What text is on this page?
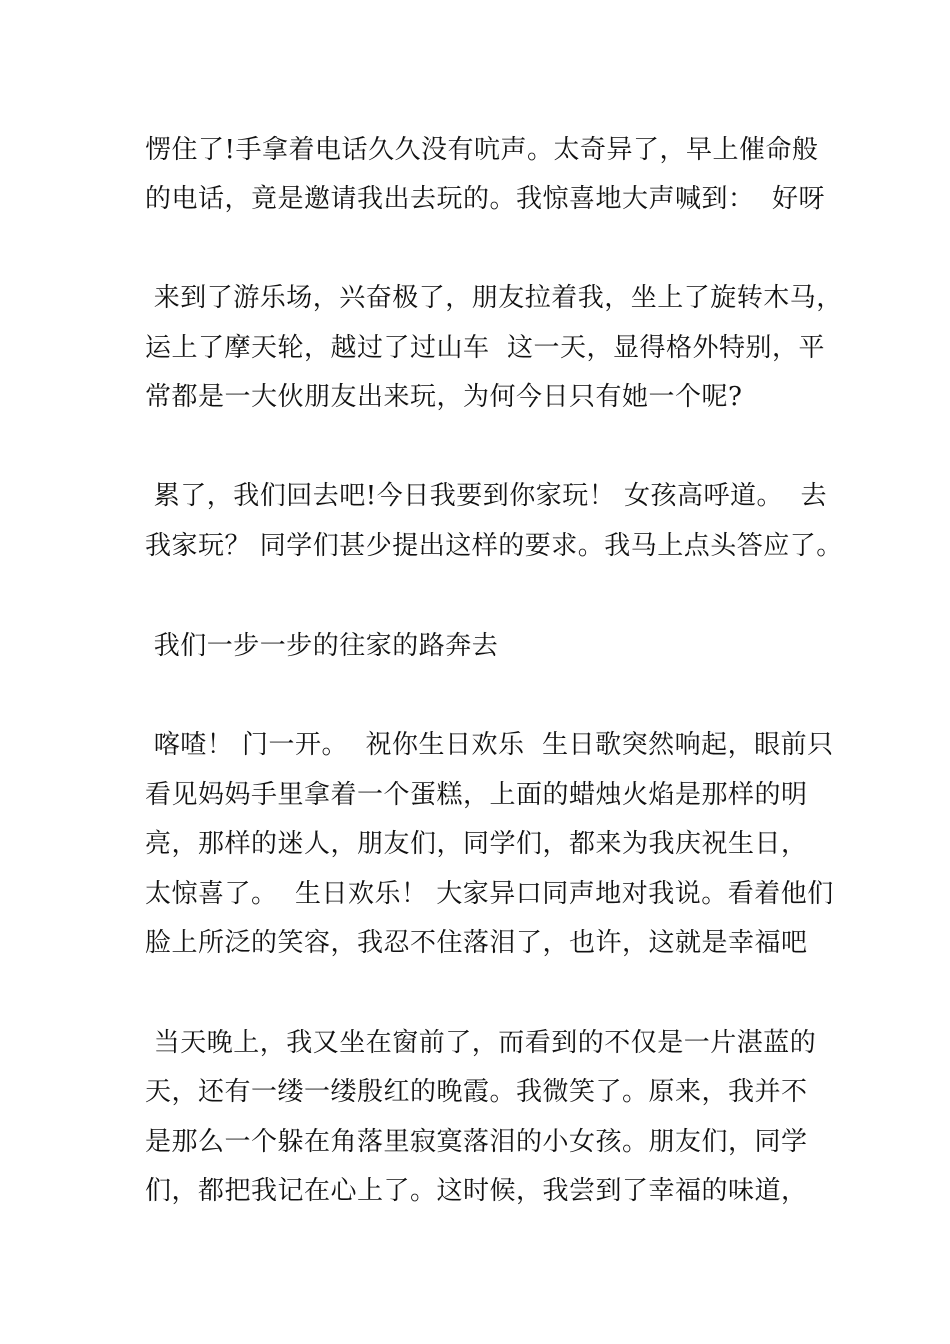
愣住了!手拿着电话久久没有吭声。太奇异了，早上催命般
的电话，竟是邀请我出去玩的。我惊喜地大声喊到：  好呀
来到了游乐场，兴奋极了，朋友拉着我，坐上了旋转木马，
运上了摩天轮，越过了过山车  这一天，显得格外特别，平
常都是一大伙朋友出来玩，为何今日只有她一个呢?
累了，我们回去吧!今日我要到你家玩！ 女孩高呼道。  去
我家玩？ 同学们甚少提出这样的要求。我马上点头答应了。
我们一步一步的往家的路奔去
喀喳！ 门一开。  祝你生日欢乐  生日歌突然响起，眼前只
看见妈妈手里拿着一个蛋糕，上面的蜡烛火焰是那样的明
亮，那样的迷人，朋友们，同学们，都来为我庆祝生日，
太惊喜了。  生日欢乐！ 大家异口同声地对我说。看着他们
脸上所泛的笑容，我忍不住落泪了，也许，这就是幸福吧
当天晚上，我又坐在窗前了，而看到的不仅是一片湛蓝的
天，还有一缕一缕殷红的晚霞。我微笑了。原来，我并不
是那么一个躲在角落里寂寞落泪的小女孩。朋友们，同学
们，都把我记在心上了。这时候，我尝到了幸福的味道，
